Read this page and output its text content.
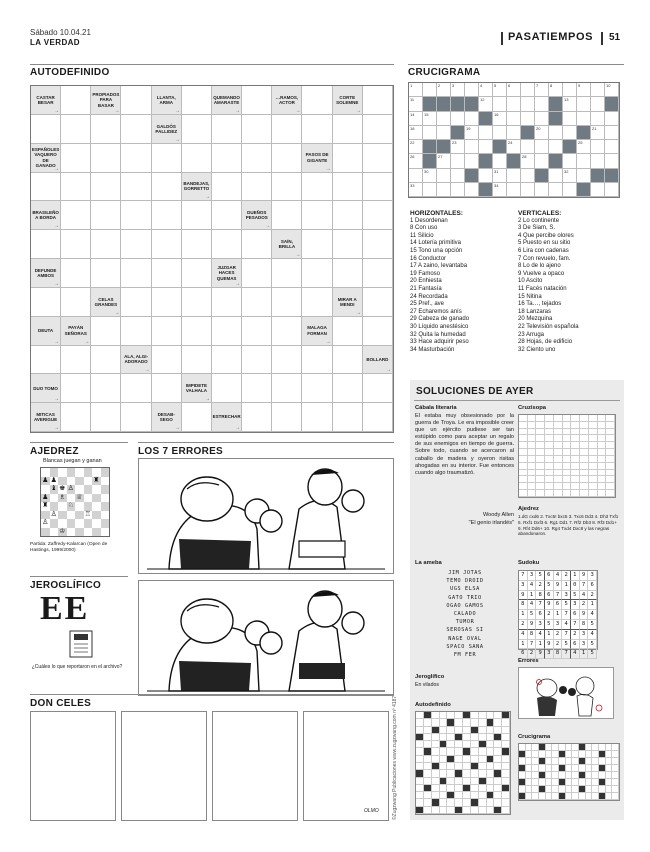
Sábado 10.04.21
LA VERDAD	PASATIEMPOS 51
AUTODEFINIDO
CASTAR BESAR
→
PROPIADOS PARA BASAR
→
LLANTA, ARMA
→
QUEMANDO AMARASTE
→
…RAMOS, ACTOR
→
CORTE SOLEMNE
→
GALDÓS PALLIDEZ
→
ESPAÑOLES VAQUERO DE GANADO
→
PASOS DE GIGANTE
→
BANDEJAS, GORRETTO
→
BRASILEÑO A BORDA
→
DUEÑOS PESADOS
→
SAÍN, BRILLA
→
DEFUNDE AMBOS
→
JUZGAR HACES QUEMAS
→
CELAS GRANDES
→
MIRAR A MENDI
→
DEUTA
→
PAYÁN SEÑORAS
→
MALAGA FORMAN
→
ALA, ALGI-ADORADO
→
BOLLARD
→
DUO TOMO
→
IMPIDETE VALHALA
→
MITICAS AVERIGUE
→
DESAB-SEGO
→
ESTRECHAR
→
CRUCIGRAMA
1	2	3	4	5	6	7	8	9	10
11	12	13
14 15	16
18	19	20	21
22	23	24	25
26	27	28
30	31	32
33	34
HORIZONTALES:
1 Desordenan
8 Con uso
11 Silicio
14 Lotería primitiva
15 Tono una opción
16 Conductor
17 A zaino, levantaba
19 Famoso
20 Enhiesta
21 Fantasía
24 Recordada
25 Pref., ave
27 Echaremos anís
29 Cabeza de ganado
30 Líquido anestésico
32 Quita la humedad
33 Hace adquirir peso
34 Masturbación
VERTICALES:
2 Lo continente
3 De Siam, S.
4 Que percibe olores
5 Puesto en su sitio
6 Lira con cadenas
7 Con revuelo, fam.
8 Lo de lo ajeno
9 Vuelve a opaco
10 Ascito
11 Facés natación
15 Nitina
16 Ta…, tejados
18 Lanzaras
20 Mezquina
22 Televisión española
23 Arruga
28 Hojas, de edificio
32 Ciento uno
SOLUCIONES DE AYER
Cábala literaria
El estaba muy obsesionado por la guerra de Troya. Le era imposible creer que un ejército pudiese ser tan estúpido como para aceptar un regalo de sus enemigos en tiempo de guerra. Sobre todo, cuando se acercaron al caballo de madera y oyeron risitas ahogadas en su interior. Fue entonces cuando algo traumatizó.
Woody Allen
"El genio irlandés"
Cruzisopa
Ajedrez
1.dG cxd6 2. Txc5! bxc5 3. Txc6 Dd3 4. Dh3 Txf1 5. Rxf1 Dxf3 6. Rg1 Dd1 7. Rf2 Db3 8. Rf3 Dd1+ 9. Rf4 Dd6+ 10. Rg4 Txd4 Dxc8 y las negras abandonaron.
La ameba
JIM JOTAS
TEMO DROID
UGS ELSA
GATO TRIO
OGAO GAMOS
CALADO
TUMOR
SEROSAS SI
NAGE OVAL
SPACO SANA
FM FER
Sudoku
7 3 5 6 4 2 1 9 3
3 4 2 5 9 1 0 7 6
9 1 8 6 7 3 5 4 2
8 4 7 9 6 5 3 2 1
1 5 6 2 1 7 6 9 4
2 9 3 5 3 4 7 8 5
4 8 4 1 2 7 2 3 4
1 7 1 9 2 5 6 3 5
6 2 9 3 8 7 4 1 5
Errores
Jeroglífico
En vilados
Autodefinido
Crucigrama
©Zugzwang Publicaciones www.zugzwang.com nº 4187
AJEDREZ
Blancas juegan y ganan
♟ ♟	♜
♝ ♚ ♙
♟ ♗ ♕
♜	♘
♙	♖
♙
♔
Partida: Zaffredy-Kalarcan (Open de Hastings, 1999/2000)
JEROGLÍFICO
EE
¿Cuáles lo que reportaron en el archivo?
LOS 7 ERRORES
DON CELES
OLMO
